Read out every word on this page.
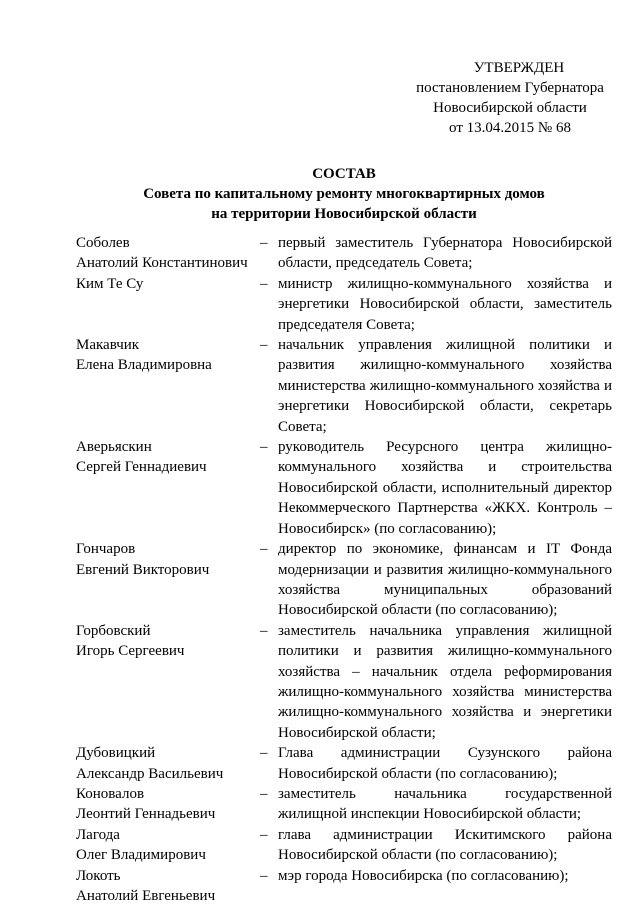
УТВЕРЖДЕН
постановлением Губернатора
Новосибирской области
от 13.04.2015 № 68
СОСТАВ
Совета по капитальному ремонту многоквартирных домов
на территории Новосибирской области
Соболев
Анатолий Константинович
– первый заместитель Губернатора Новосибирской области, председатель Совета;
Ким Те Су	– министр жилищно-коммунального хозяйства и энергетики Новосибирской области, заместитель председателя Совета;
Макавчик
Елена Владимировна
– начальник управления жилищной политики и развития жилищно-коммунального хозяйства министерства жилищно-коммунального хозяйства и энергетики Новосибирской области, секретарь Совета;
Аверьяскин
Сергей Геннадиевич
– руководитель Ресурсного центра жилищно-коммунального хозяйства и строительства Новосибирской области, исполнительный директор Некоммерческого Партнерства «ЖКХ. Контроль – Новосибирск» (по согласованию);
Гончаров
Евгений Викторович
– директор по экономике, финансам и IT Фонда модернизации и развития жилищно-коммунального хозяйства муниципальных образований Новосибирской области (по согласованию);
Горбовский
Игорь Сергеевич
– заместитель начальника управления жилищной политики и развития жилищно-коммунального хозяйства – начальник отдела реформирования жилищно-коммунального хозяйства министерства жилищно-коммунального хозяйства и энергетики Новосибирской области;
Дубовицкий
Александр Васильевич
– Глава администрации Сузунского района Новосибирской области (по согласованию);
Коновалов
Леонтий Геннадьевич
– заместитель начальника государственной жилищной инспекции Новосибирской области;
Лагода
Олег Владимирович
– глава администрации Искитимского района Новосибирской области (по согласованию);
Локоть
Анатолий Евгеньевич
– мэр города Новосибирска (по согласованию);
